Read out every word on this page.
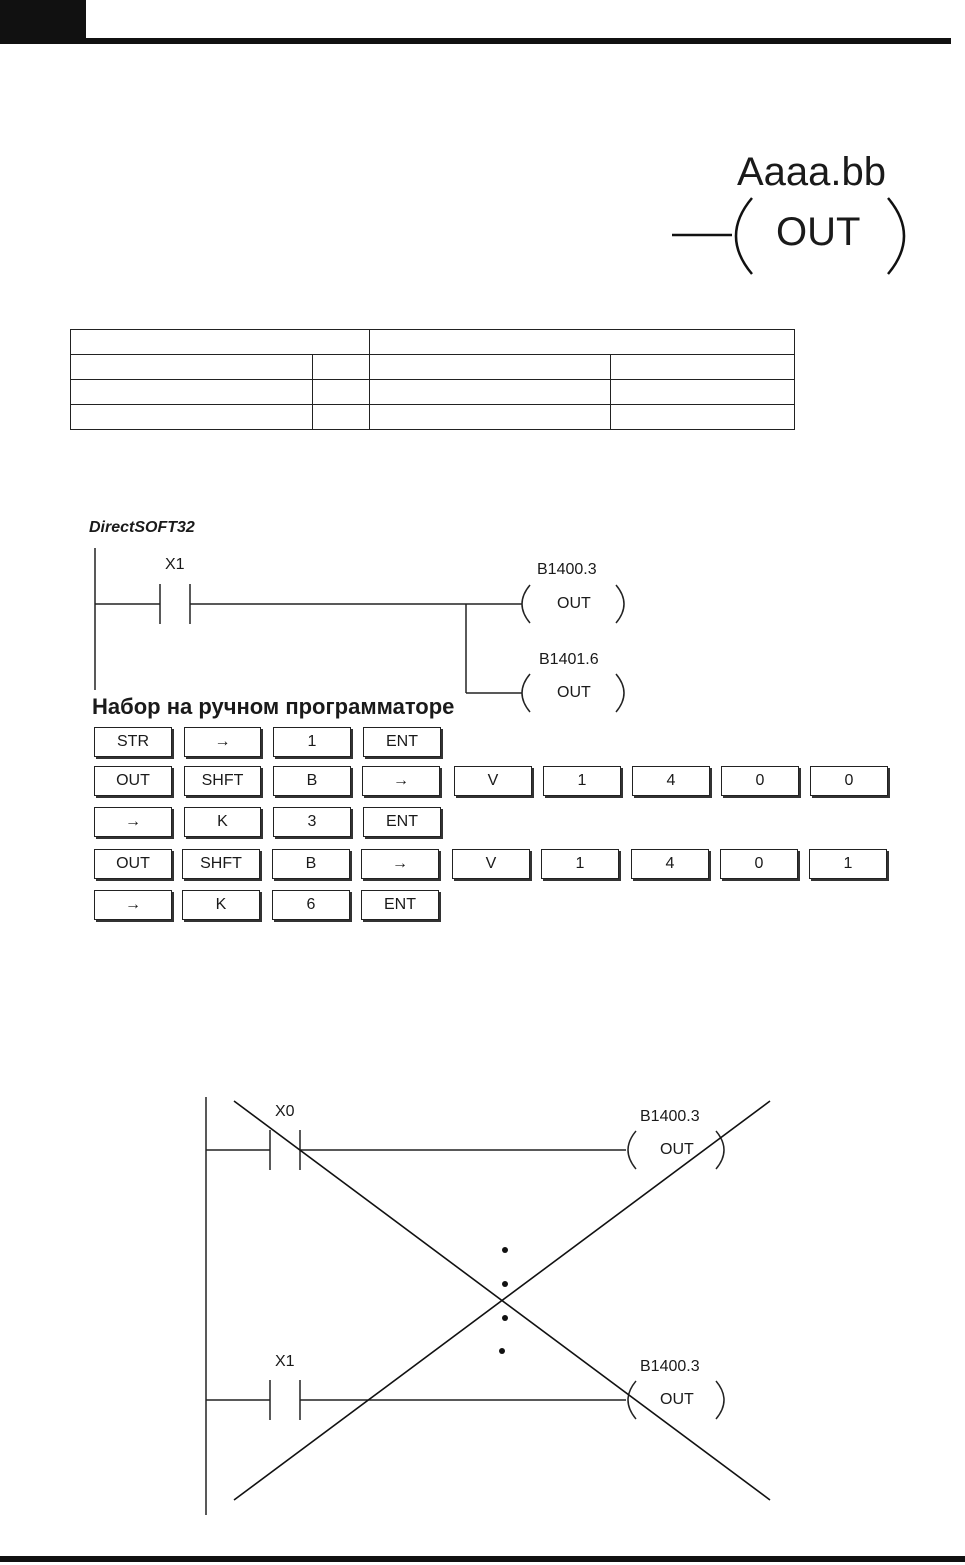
Aaaa.bb
OUT

DirectSOFT32
X1	B1400.3
OUT
B1401.6
OUT
Набор на ручном программаторе
STR	→	1	ENT
OUT	SHFT	B	→	V	1	4	0	0
→	K	3	ENT
OUT	SHFT	B	→	V	1	4	0	1
→	K	6	ENT
X0	B1400.3
OUT
X1	B1400.3
OUT
